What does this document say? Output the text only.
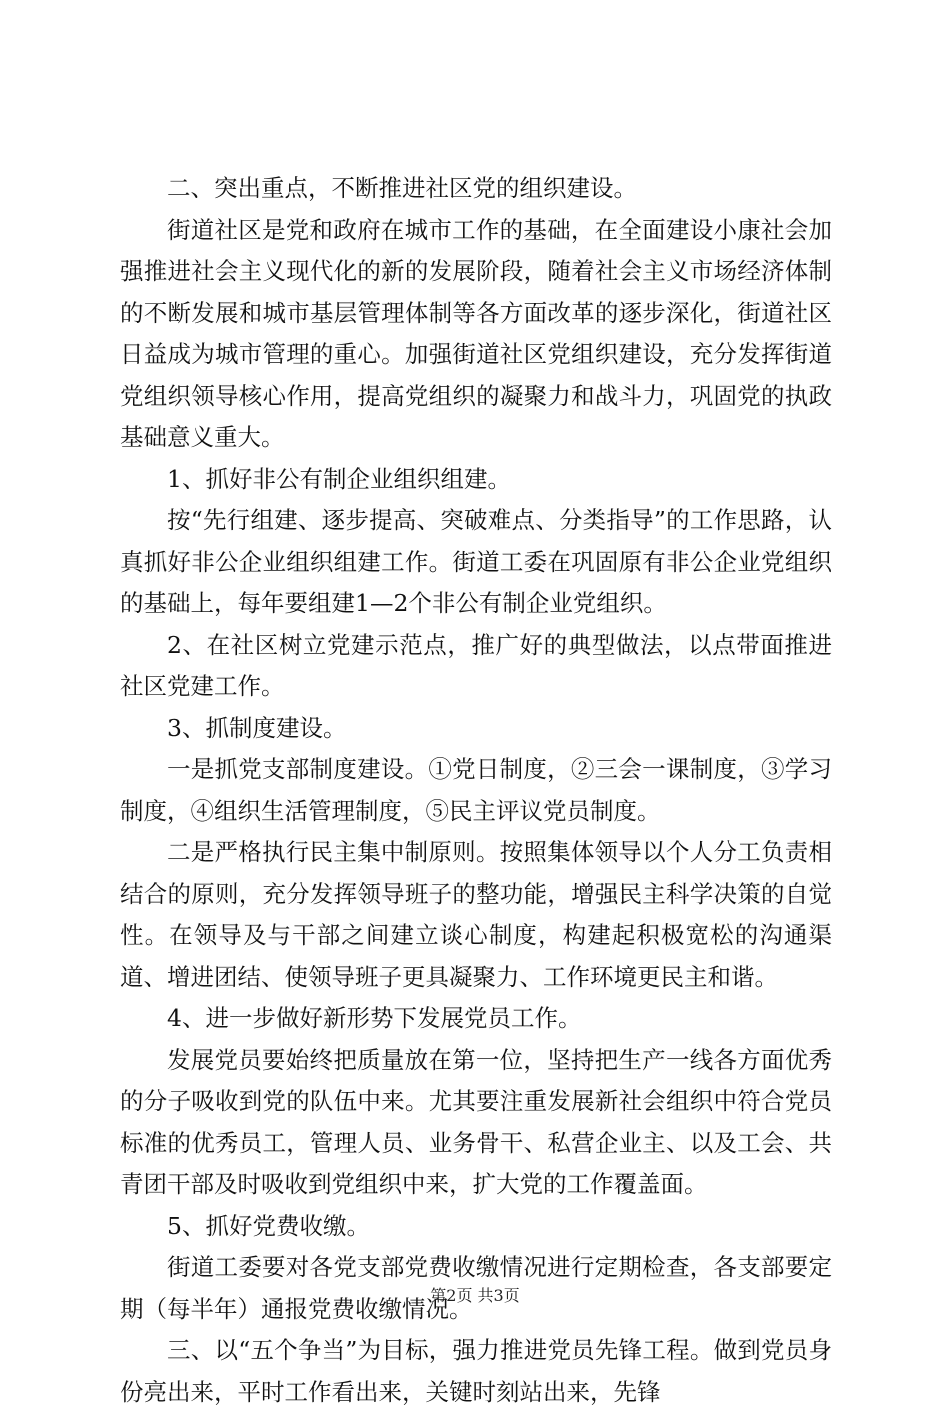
二、突出重点，不断推进社区党的组织建设。

街道社区是党和政府在城市工作的基础，在全面建设小康社会加强推进社会主义现代化的新的发展阶段，随着社会主义市场经济体制的不断发展和城市基层管理体制等各方面改革的逐步深化，街道社区日益成为城市管理的重心。加强街道社区党组织建设，充分发挥街道党组织领导核心作用，提高党组织的凝聚力和战斗力，巩固党的执政基础意义重大。

1、抓好非公有制企业组织组建。

按“先行组建、逐步提高、突破难点、分类指导”的工作思路，认真抓好非公企业组织组建工作。街道工委在巩固原有非公企业党组织的基础上，每年要组建1—2个非公有制企业党组织。

2、在社区树立党建示范点，推广好的典型做法，以点带面推进社区党建工作。

3、抓制度建设。

一是抓党支部制度建设。①党日制度，②三会一课制度，③学习制度，④组织生活管理制度，⑤民主评议党员制度。

二是严格执行民主集中制原则。按照集体领导以个人分工负责相结合的原则，充分发挥领导班子的整功能，增强民主科学决策的自觉性。在领导及与干部之间建立谈心制度，构建起积极宽松的沟通渠道、增进团结、使领导班子更具凝聚力、工作环境更民主和谐。

4、进一步做好新形势下发展党员工作。

发展党员要始终把质量放在第一位，坚持把生产一线各方面优秀的分子吸收到党的队伍中来。尤其要注重发展新社会组织中符合党员标准的优秀员工，管理人员、业务骨干、私营企业主、以及工会、共青团干部及时吸收到党组织中来，扩大党的工作覆盖面。

5、抓好党费收缴。

街道工委要对各党支部党费收缴情况进行定期检查，各支部要定期（每半年）通报党费收缴情况。

三、以“五个争当”为目标，强力推进党员先锋工程。做到党员身份亮出来，平时工作看出来，关键时刻站出来，先锋

第2页 共3页
